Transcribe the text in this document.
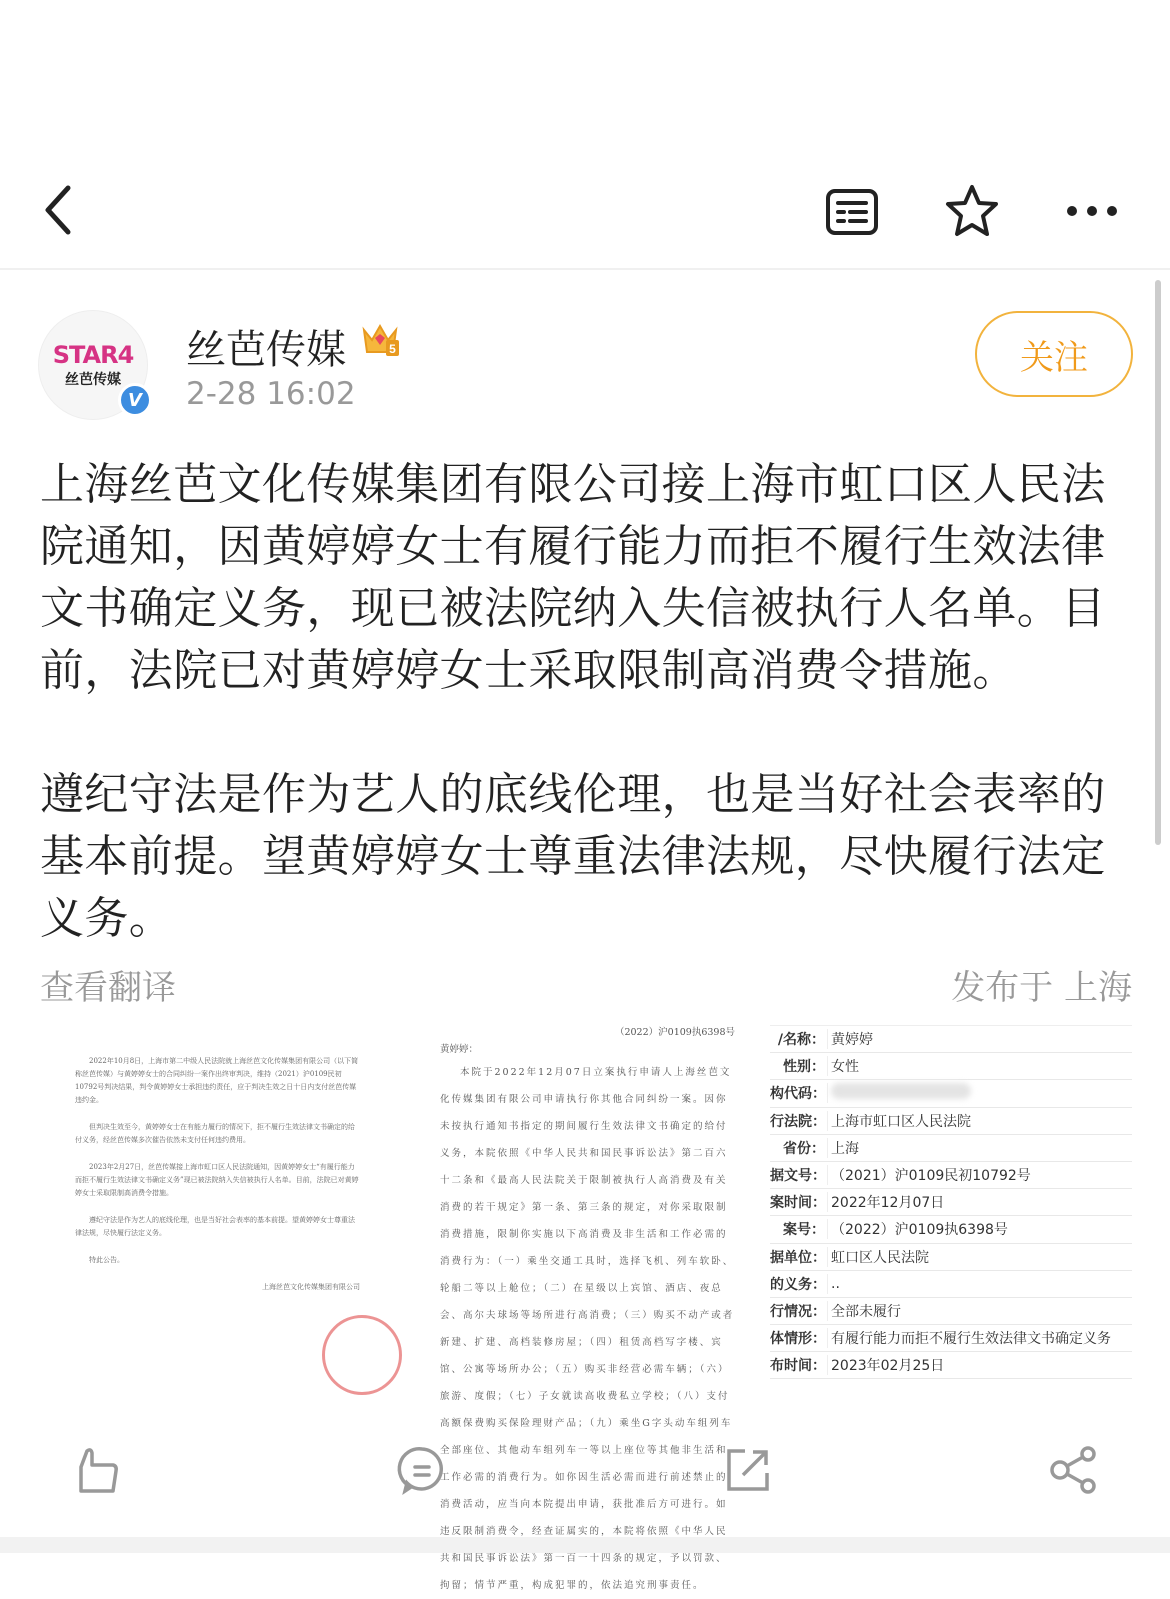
STAR4
丝芭传媒
V
丝芭传媒	5
2-28 16:02
关注

上海丝芭文化传媒集团有限公司接上海市虹口区人民法院通知，因黄婷婷女士有履行能力而拒不履行生效法律文书确定义务，现已被法院纳入失信被执行人名单。目前，法院已对黄婷婷女士采取限制高消费令措施。

遵纪守法是作为艺人的底线伦理，也是当好社会表率的基本前提。望黄婷婷女士尊重法律法规，尽快履行法定义务。

查看翻译	发布于 上海

2022年10月8日，上海市第二中级人民法院就上海丝芭文化传媒集团有限公司（以下简称丝芭传媒）与黄婷婷女士的合同纠纷一案作出终审判决，维持（2021）沪0109民初10792号判决结果，判令黄婷婷女士承担违约责任，应于判决生效之日十日内支付丝芭传媒违约金。

但判决生效至今，黄婷婷女士在有能力履行的情况下，拒不履行生效法律文书确定的给付义务，经丝芭传媒多次催告依然未支付任何违约费用。

2023年2月27日，丝芭传媒接上海市虹口区人民法院通知，因黄婷婷女士“有履行能力而拒不履行生效法律文书确定义务”现已被法院纳入失信被执行人名单。目前，法院已对黄婷婷女士采取限制高消费令措施。

遵纪守法是作为艺人的底线伦理，也是当好社会表率的基本前提。望黄婷婷女士尊重法律法规，尽快履行法定义务。

特此公告。

上海丝芭文化传媒集团有限公司

（2022）沪0109执6398号
黄婷婷：
本院于2022年12月07日立案执行申请人上海丝芭文化传媒集团有限公司申请执行你其他合同纠纷一案。因你未按执行通知书指定的期间履行生效法律文书确定的给付义务，本院依照《中华人民共和国民事诉讼法》第二百六十二条和《最高人民法院关于限制被执行人高消费及有关消费的若干规定》第一条、第三条的规定，对你采取限制消费措施，限制你实施以下高消费及非生活和工作必需的消费行为：（一）乘坐交通工具时，选择飞机、列车软卧、轮船二等以上舱位；（二）在星级以上宾馆、酒店、夜总会、高尔夫球场等场所进行高消费；（三）购买不动产或者新建、扩建、高档装修房屋；（四）租赁高档写字楼、宾馆、公寓等场所办公；（五）购买非经营必需车辆；（六）旅游、度假；（七）子女就读高收费私立学校；（八）支付高额保费购买保险理财产品；（九）乘坐G字头动车组列车全部座位、其他动车组列车一等以上座位等其他非生活和工作必需的消费行为。如你因生活必需而进行前述禁止的消费活动，应当向本院提出申请，获批准后方可进行。如违反限制消费令，经查证属实的，本院将依照《中华人民共和国民事诉讼法》第一百一十四条的规定，予以罚款、拘留；情节严重，构成犯罪的，依法追究刑事责任。
/名称： 黄婷婷
性别： 女性
构代码：
行法院： 上海市虹口区人民法院
省份： 上海
据文号： （2021）沪0109民初10792号
案时间： 2022年12月07日
案号： （2022）沪0109执6398号
据单位： 虹口区人民法院
的义务： ..
行情况： 全部未履行
体情形： 有履行能力而拒不履行生效法律文书确定义务
布时间： 2023年02月25日
